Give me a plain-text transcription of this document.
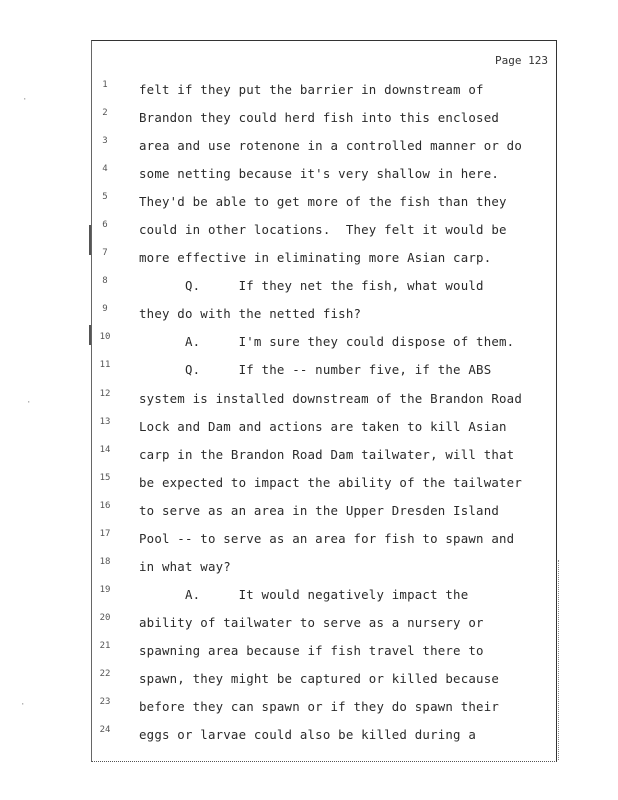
·
·
·
Page 123
1	felt if they put the barrier in downstream of
2	Brandon they could herd fish into this enclosed
3	area and use rotenone in a controlled manner or do
4	some netting because it's very shallow in here.
5	They'd be able to get more of the fish than they
6	could in other locations.  They felt it would be
7	more effective in eliminating more Asian carp.
8	Q.     If they net the fish, what would
9	they do with the netted fish?
10	A.     I'm sure they could dispose of them.
11	Q.     If the -- number five, if the ABS
12	system is installed downstream of the Brandon Road
13	Lock and Dam and actions are taken to kill Asian
14	carp in the Brandon Road Dam tailwater, will that
15	be expected to impact the ability of the tailwater
16	to serve as an area in the Upper Dresden Island
17	Pool -- to serve as an area for fish to spawn and
18	in what way?
19	A.     It would negatively impact the
20	ability of tailwater to serve as a nursery or
21	spawning area because if fish travel there to
22	spawn, they might be captured or killed because
23	before they can spawn or if they do spawn their
24	eggs or larvae could also be killed during a
